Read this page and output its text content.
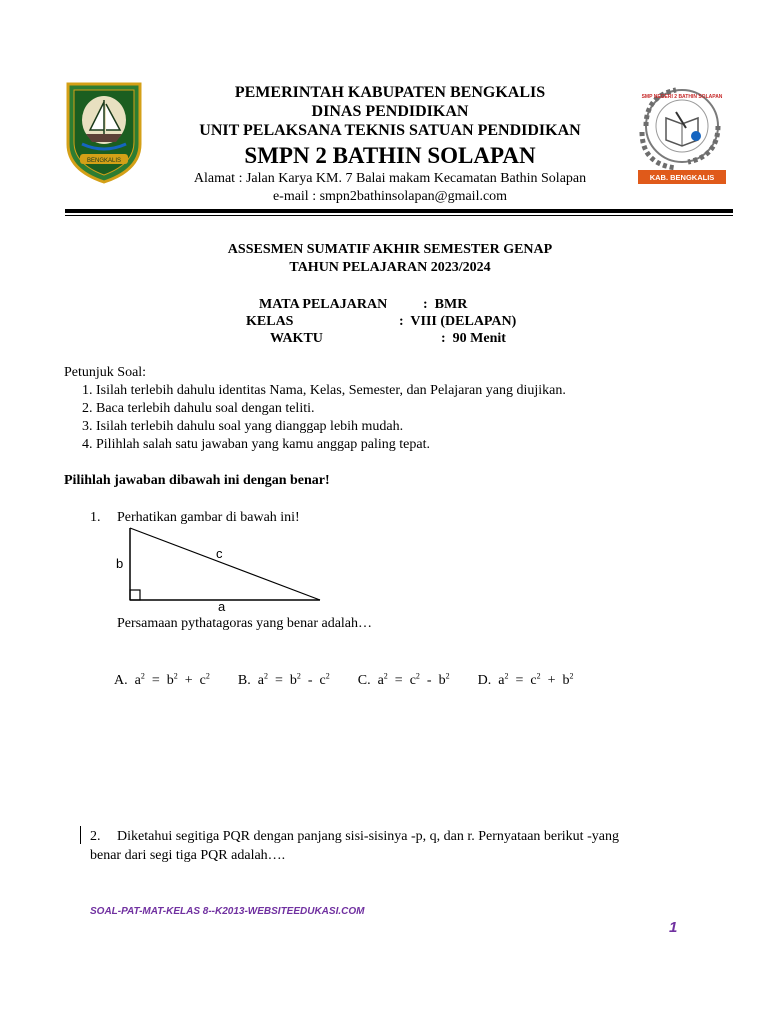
BENGKALIS
SMP NEGERI 2 BATHIN SOLAPAN
KAB. BENGKALIS
PEMERINTAH KABUPATEN BENGKALIS
DINAS PENDIDIKAN
UNIT PELAKSANA TEKNIS SATUAN PENDIDIKAN
SMPN 2 BATHIN SOLAPAN
Alamat : Jalan Karya KM. 7 Balai makam Kecamatan Bathin Solapan
e-mail : smpn2bathinsolapan@gmail.com
ASSESMEN SUMATIF AKHIR SEMESTER GENAP
TAHUN PELAJARAN 2023/2024
MATA PELAJARAN	:  BMR
KELAS	:  VIII (DELAPAN)
WAKTU	:  90 Menit
Petunjuk Soal:
1. Isilah terlebih dahulu identitas Nama, Kelas, Semester, dan Pelajaran yang diujikan.
2. Baca terlebih dahulu soal dengan teliti.
3. Isilah terlebih dahulu soal yang dianggap lebih mudah.
4. Pilihlah salah satu jawaban yang kamu anggap paling tepat.
Pilihlah jawaban dibawah ini dengan benar!
1. Perhatikan gambar di bawah ini!
b
c
a
Persamaan pythatagoras yang benar adalah…
A. $a^2 = b^2 + c^2$ B. $a^2 = b^2 - c^2$ C. $a^2 = c^2 - b^2$ D. $a^2 = c^2 + b^2$
2. Diketahui segitiga PQR dengan panjang sisi-sisinya -p, q, dan r. Pernyataan berikut -yang
benar dari segi tiga PQR adalah….
SOAL-PAT-MAT-KELAS 8--K2013-WEBSITEEDUKASI.COM
1
